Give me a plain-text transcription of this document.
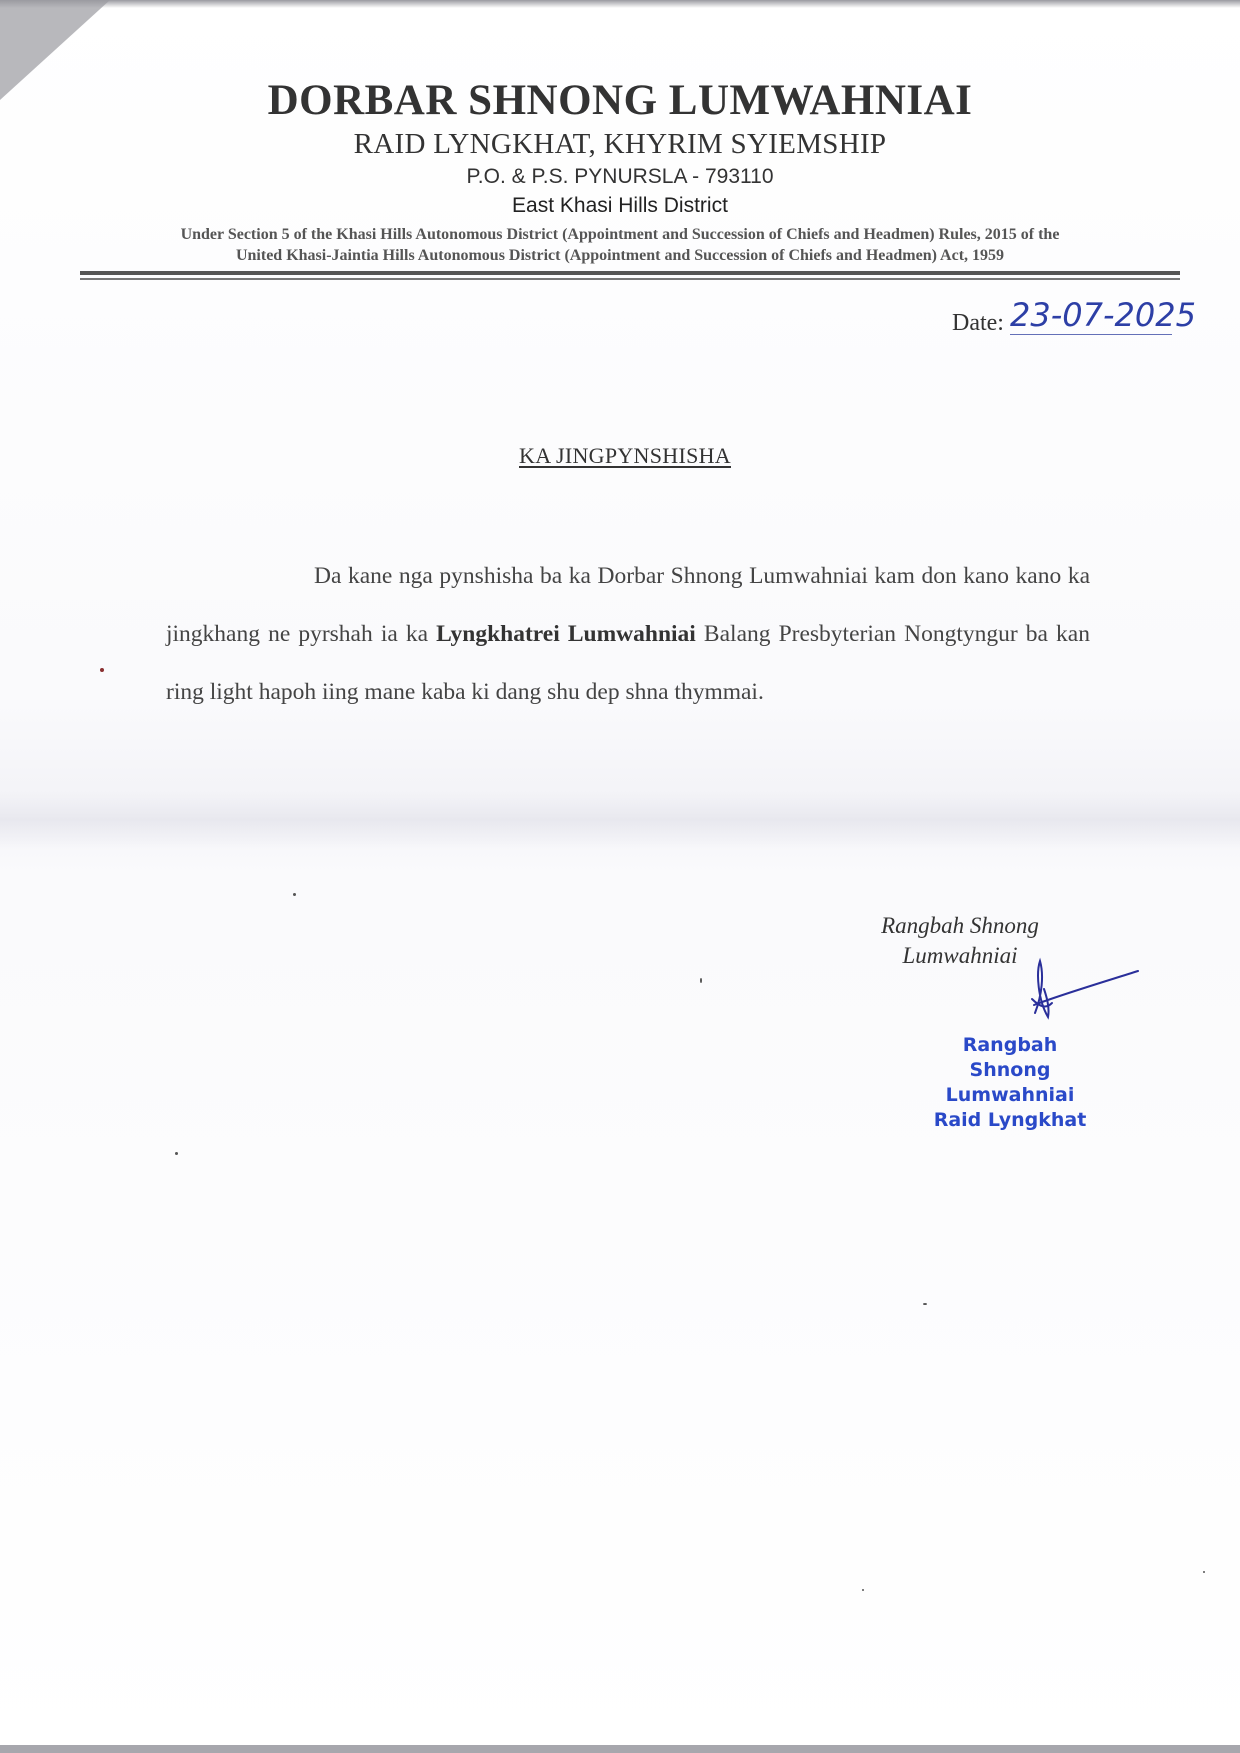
DORBAR SHNONG LUMWAHNIAI
RAID LYNGKHAT, KHYRIM SYIEMSHIP
P.O. & P.S. PYNURSLA - 793110
East Khasi Hills District
Under Section 5 of the Khasi Hills Autonomous District (Appointment and Succession of Chiefs and Headmen) Rules, 2015 of the
United Khasi-Jaintia Hills Autonomous District (Appointment and Succession of Chiefs and Headmen) Act, 1959
Date: 23-07-2025
KA JINGPYNSHISHA
Da kane nga pynshisha ba ka Dorbar Shnong Lumwahniai kam don kano kano ka jingkhang ne pyrshah ia ka Lyngkhatrei Lumwahniai Balang Presbyterian Nongtyngur ba kan ring light hapoh iing mane kaba ki dang shu dep shna thymmai.
Rangbah Shnong
Lumwahniai
Rangbah Shnong
Lumwahniai
Raid Lyngkhat
